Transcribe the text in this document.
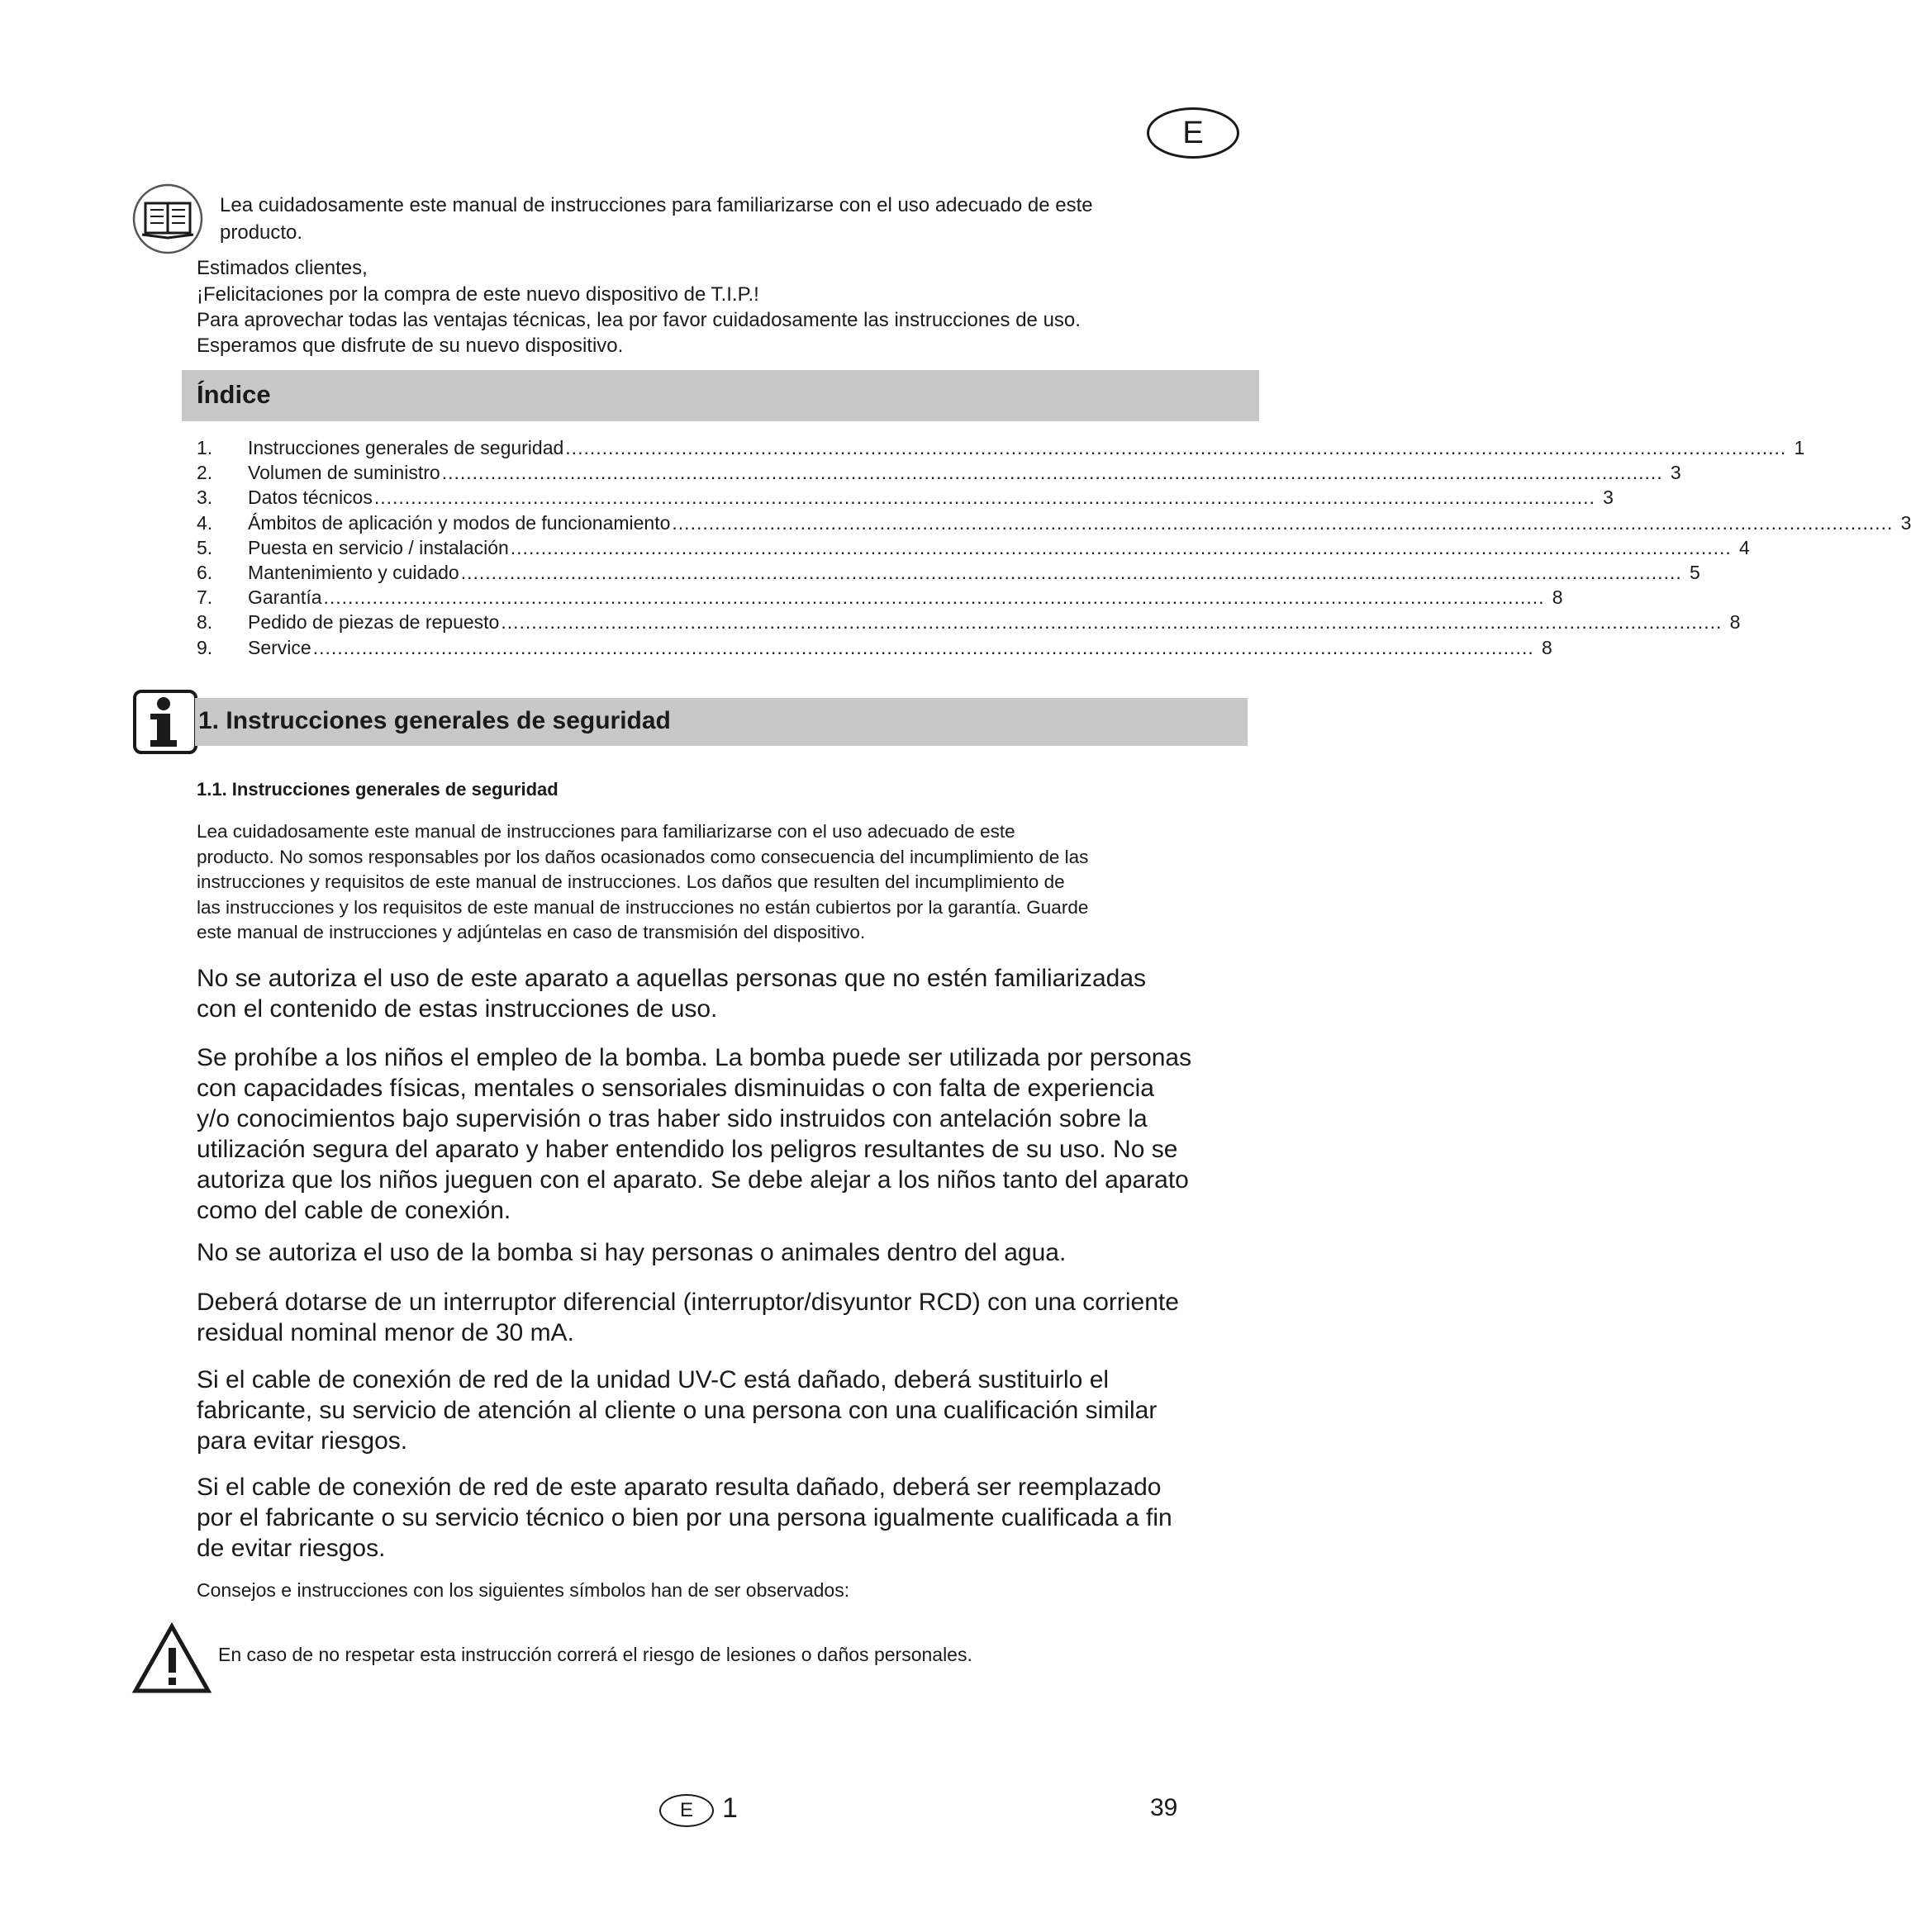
E
Lea cuidadosamente este manual de instrucciones para familiarizarse con el uso adecuado de este
producto.
Estimados clientes,
¡Felicitaciones por la compra de este nuevo dispositivo de T.I.P.!
Para aprovechar todas las ventajas técnicas, lea por favor cuidadosamente las instrucciones de uso.
Esperamos que disfrute de su nuevo dispositivo.
Índice
1.	Instrucciones generales de seguridad ........................................................................................................................................................................................................ 1
2.	Volumen de suministro ........................................................................................................................................................................................................ 3
3.	Datos técnicos ........................................................................................................................................................................................................ 3
4.	Ámbitos de aplicación y modos de funcionamiento ........................................................................................................................................................................................................ 3
5.	Puesta en servicio / instalación ........................................................................................................................................................................................................ 4
6.	Mantenimiento y cuidado ........................................................................................................................................................................................................ 5
7.	Garantía ........................................................................................................................................................................................................ 8
8.	Pedido de piezas de repuesto ........................................................................................................................................................................................................ 8
9.	Service ........................................................................................................................................................................................................ 8
1. Instrucciones generales de seguridad
1.1. Instrucciones generales de seguridad
Lea cuidadosamente este manual de instrucciones para familiarizarse con el uso adecuado de este
producto. No somos responsables por los daños ocasionados como consecuencia del incumplimiento de las
instrucciones y requisitos de este manual de instrucciones. Los daños que resulten del incumplimiento de
las instrucciones y los requisitos de este manual de instrucciones no están cubiertos por la garantía. Guarde
este manual de instrucciones y adjúntelas en caso de transmisión del dispositivo.
No se autoriza el uso de este aparato a aquellas personas que no estén familiarizadas
con el contenido de estas instrucciones de uso.
Se prohíbe a los niños el empleo de la bomba. La bomba puede ser utilizada por personas
con capacidades físicas, mentales o sensoriales disminuidas o con falta de experiencia
y/o conocimientos bajo supervisión o tras haber sido instruidos con antelación sobre la
utilización segura del aparato y haber entendido los peligros resultantes de su uso. No se
autoriza que los niños jueguen con el aparato. Se debe alejar a los niños tanto del aparato
como del cable de conexión.
No se autoriza el uso de la bomba si hay personas o animales dentro del agua.
Deberá dotarse de un interruptor diferencial (interruptor/disyuntor RCD) con una corriente
residual nominal menor de 30 mA.
Si el cable de conexión de red de la unidad UV-C está dañado, deberá sustituirlo el
fabricante, su servicio de atención al cliente o una persona con una cualificación similar
para evitar riesgos.
Si el cable de conexión de red de este aparato resulta dañado, deberá ser reemplazado
por el fabricante o su servicio técnico o bien por una persona igualmente cualificada a fin
de evitar riesgos.
Consejos e instrucciones con los siguientes símbolos han de ser observados:
En caso de no respetar esta instrucción correrá el riesgo de lesiones o daños personales.
E 1	39
